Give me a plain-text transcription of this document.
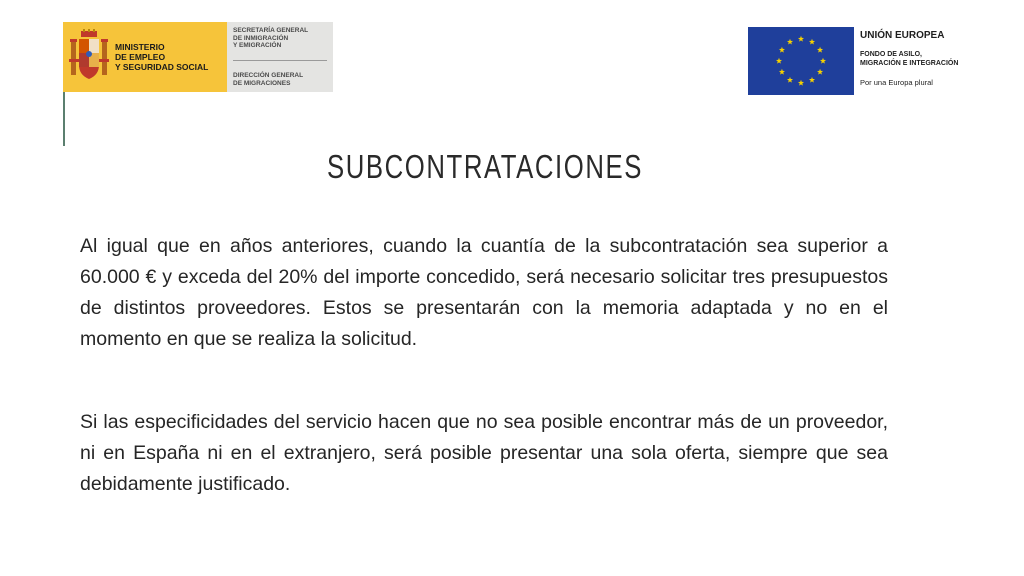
MINISTERIO
DE EMPLEO
Y SEGURIDAD SOCIAL
SECRETARÍA GENERAL
DE INMIGRACIÓN
Y EMIGRACIÓN
DIRECCIÓN GENERAL
DE MIGRACIONES
UNIÓN EUROPEA
FONDO DE ASILO,
MIGRACIÓN E INTEGRACIÓN
Por una Europa plural
SUBCONTRATACIONES

Al igual que en años anteriores, cuando la cuantía de la subcontratación sea superior a 60.000 € y exceda del 20% del importe concedido, será necesario solicitar tres presupuestos de distintos proveedores. Estos se presentarán con la memoria adaptada y no en el momento en que se realiza la solicitud.

Si las especificidades del servicio hacen que no sea posible encontrar más de un proveedor, ni en España ni en el extranjero, será posible presentar una sola oferta, siempre que sea debidamente justificado.
